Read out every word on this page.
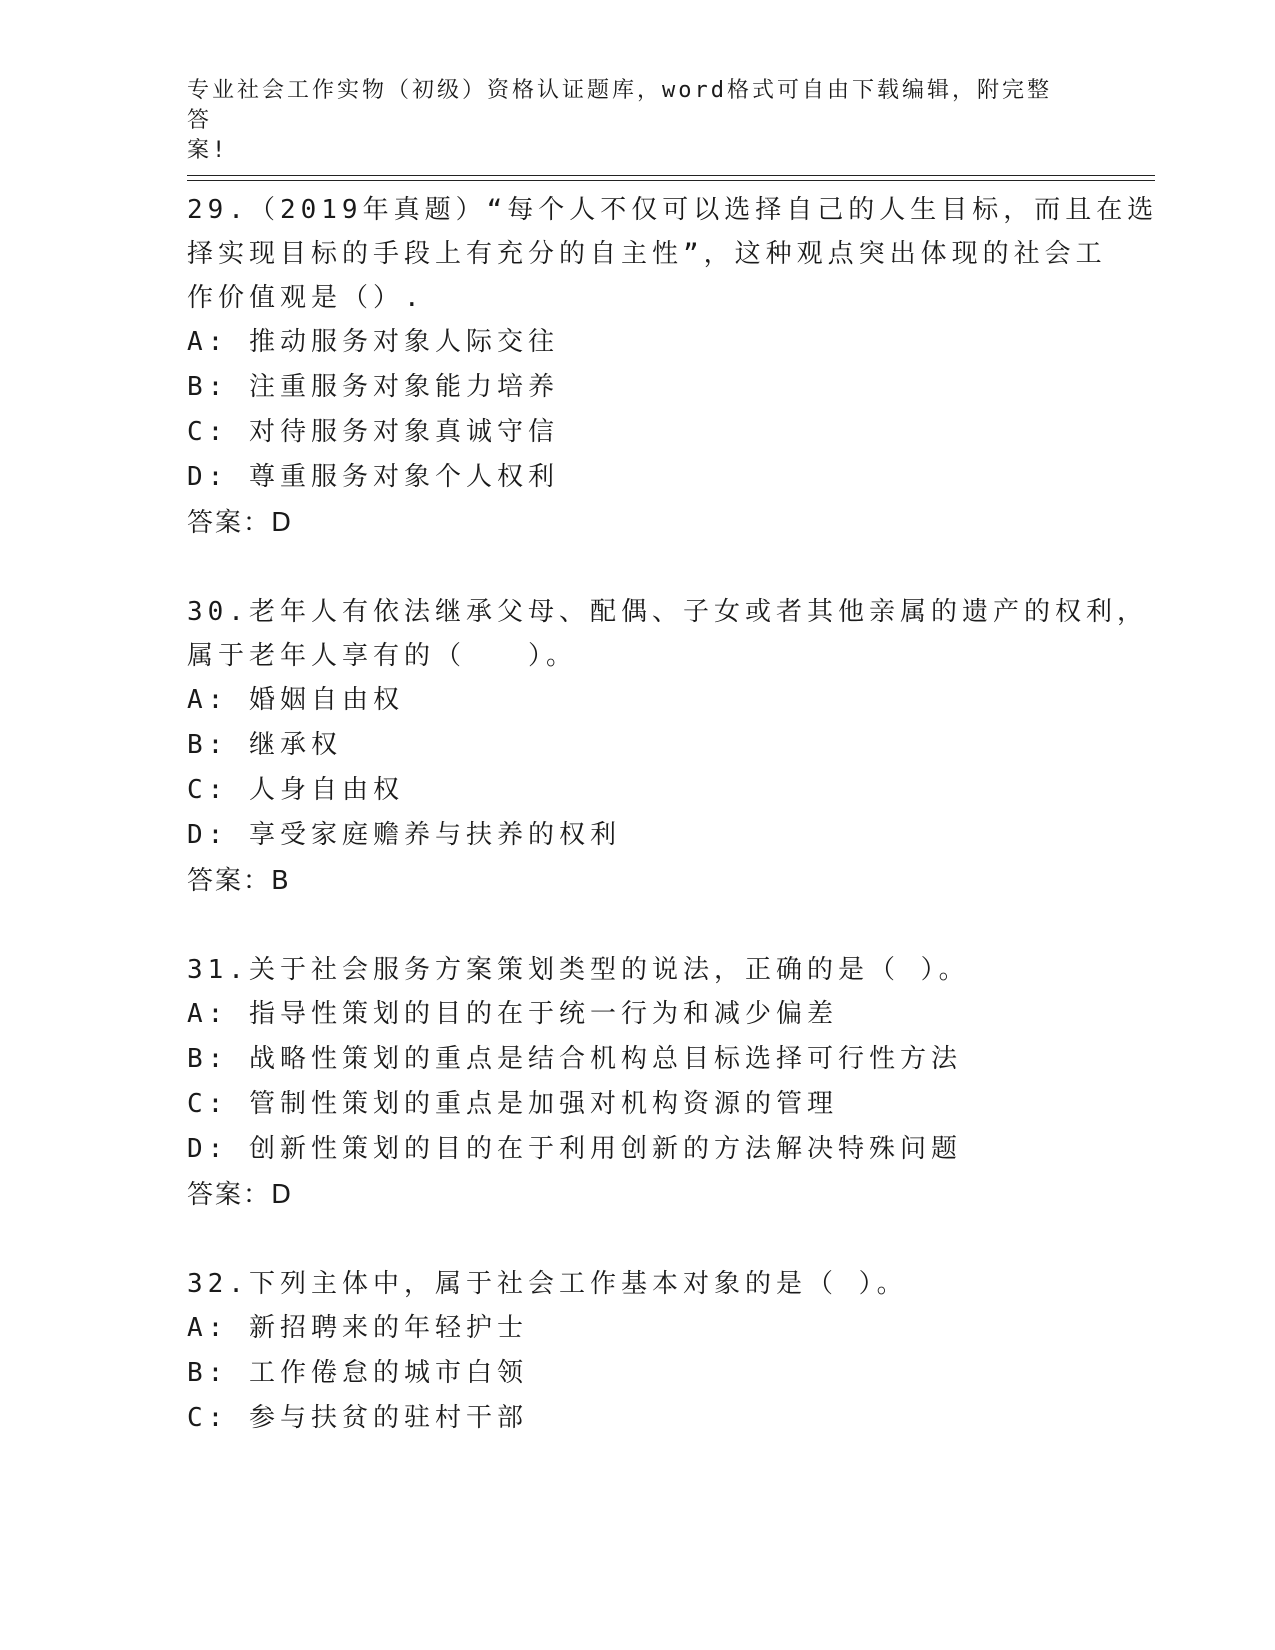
专业社会工作实物（初级）资格认证题库，word格式可自由下载编辑，附完整答
案!
29.（2019年真题）“每个人不仅可以选择自己的人生目标，而且在选
择实现目标的手段上有充分的自主性”，这种观点突出体现的社会工
作价值观是（）.
A: 推动服务对象人际交往
B: 注重服务对象能力培养
C: 对待服务对象真诚守信
D: 尊重服务对象个人权利
答案：D
30.老年人有依法继承父母、配偶、子女或者其他亲属的遗产的权利，
属于老年人享有的（　　）。
A: 婚姻自由权
B: 继承权
C: 人身自由权
D: 享受家庭赡养与扶养的权利
答案：B
31.关于社会服务方案策划类型的说法，正确的是（ ）。
A: 指导性策划的目的在于统一行为和减少偏差
B: 战略性策划的重点是结合机构总目标选择可行性方法
C: 管制性策划的重点是加强对机构资源的管理
D: 创新性策划的目的在于利用创新的方法解决特殊问题
答案：D
32.下列主体中，属于社会工作基本对象的是（ ）。
A: 新招聘来的年轻护士
B: 工作倦怠的城市白领
C: 参与扶贫的驻村干部
